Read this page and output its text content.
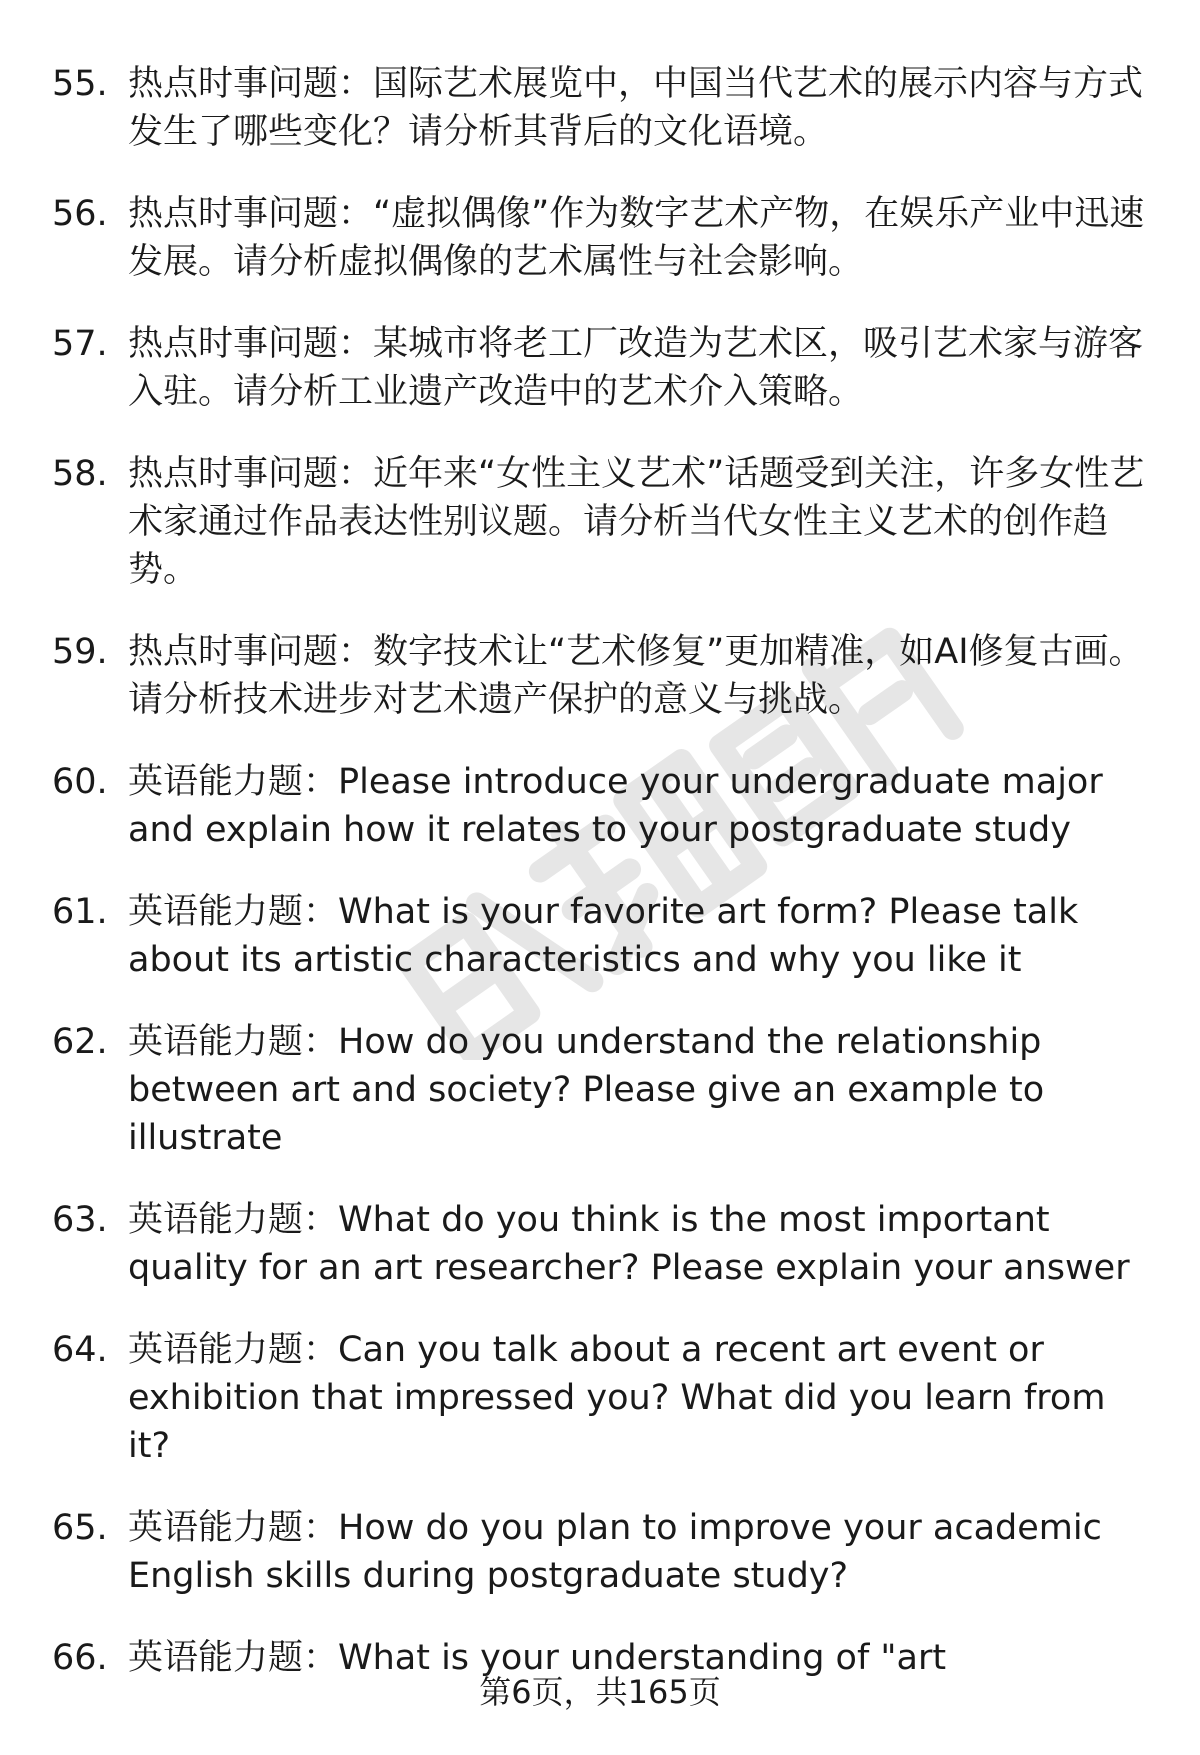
55. 热点时事问题：国际艺术展览中，中国当代艺术的展示内容与方式发生了哪些变化？请分析其背后的文化语境。
56. 热点时事问题：“虚拟偶像”作为数字艺术产物，在娱乐产业中迅速发展。请分析虚拟偶像的艺术属性与社会影响。
57. 热点时事问题：某城市将老工厂改造为艺术区，吸引艺术家与游客入驻。请分析工业遗产改造中的艺术介入策略。
58. 热点时事问题：近年来“女性主义艺术”话题受到关注，许多女性艺术家通过作品表达性别议题。请分析当代女性主义艺术的创作趋势。
59. 热点时事问题：数字技术让“艺术修复”更加精准，如AI修复古画。请分析技术进步对艺术遗产保护的意义与挑战。
60. 英语能力题：Please introduce your undergraduate major and explain how it relates to your postgraduate study
61. 英语能力题：What is your favorite art form? Please talk about its artistic characteristics and why you like it
62. 英语能力题：How do you understand the relationship between art and society? Please give an example to illustrate
63. 英语能力题：What do you think is the most important quality for an art researcher? Please explain your answer
64. 英语能力题：Can you talk about a recent art event or exhibition that impressed you? What did you learn from it?
65. 英语能力题：How do you plan to improve your academic English skills during postgraduate study?
66. 英语能力题：What is your understanding of "art
第6页，共165页
